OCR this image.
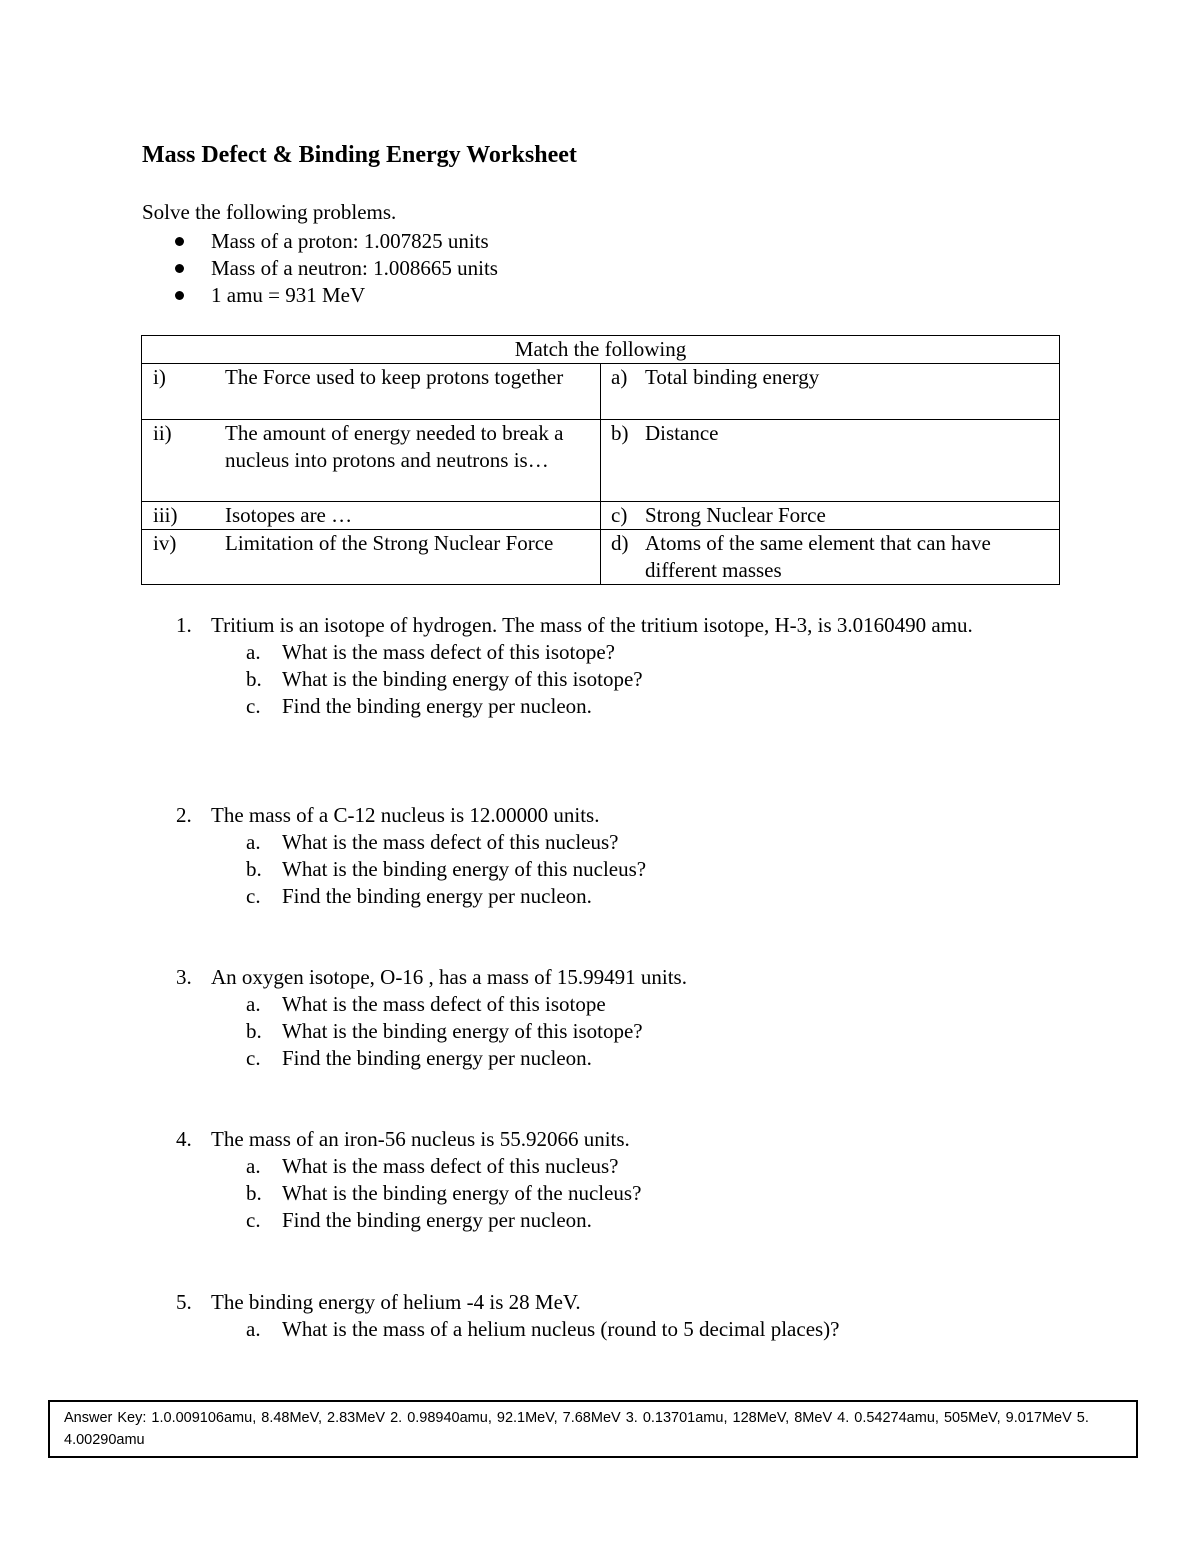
Mass Defect & Binding Energy Worksheet
Solve the following problems.
Mass of a proton: 1.007825 units
Mass of a neutron: 1.008665 units
1 amu = 931 MeV
Match the following	

i) The Force used to keep protons together	a) Total binding energy

ii) The amount of energy needed to break a nucleus into protons and neutrons is…	b) Distance

iii) Isotopes are …	c) Strong Nuclear Force

iv) Limitation of the Strong Nuclear Force	d) Atoms of the same element that can have different masses
1. Tritium is an isotope of hydrogen. The mass of the tritium isotope, H-3, is 3.0160490 amu.
a. What is the mass defect of this isotope?
b. What is the binding energy of this isotope?
c. Find the binding energy per nucleon.
2. The mass of a C-12 nucleus is 12.00000 units.
a. What is the mass defect of this nucleus?
b. What is the binding energy of this nucleus?
c. Find the binding energy per nucleon.
3. An oxygen isotope, O-16 , has a mass of 15.99491 units.
a. What is the mass defect of this isotope
b. What is the binding energy of this isotope?
c. Find the binding energy per nucleon.
4. The mass of an iron-56 nucleus is 55.92066 units.
a. What is the mass defect of this nucleus?
b. What is the binding energy of the nucleus?
c. Find the binding energy per nucleon.
5. The binding energy of helium -4 is 28 MeV.
a. What is the mass of a helium nucleus (round to 5 decimal places)?
Answer Key: 1.0.009106amu, 8.48MeV, 2.83MeV 2. 0.98940amu, 92.1MeV, 7.68MeV 3. 0.13701amu, 128MeV, 8MeV 4. 0.54274amu, 505MeV, 9.017MeV 5. 4.00290amu
